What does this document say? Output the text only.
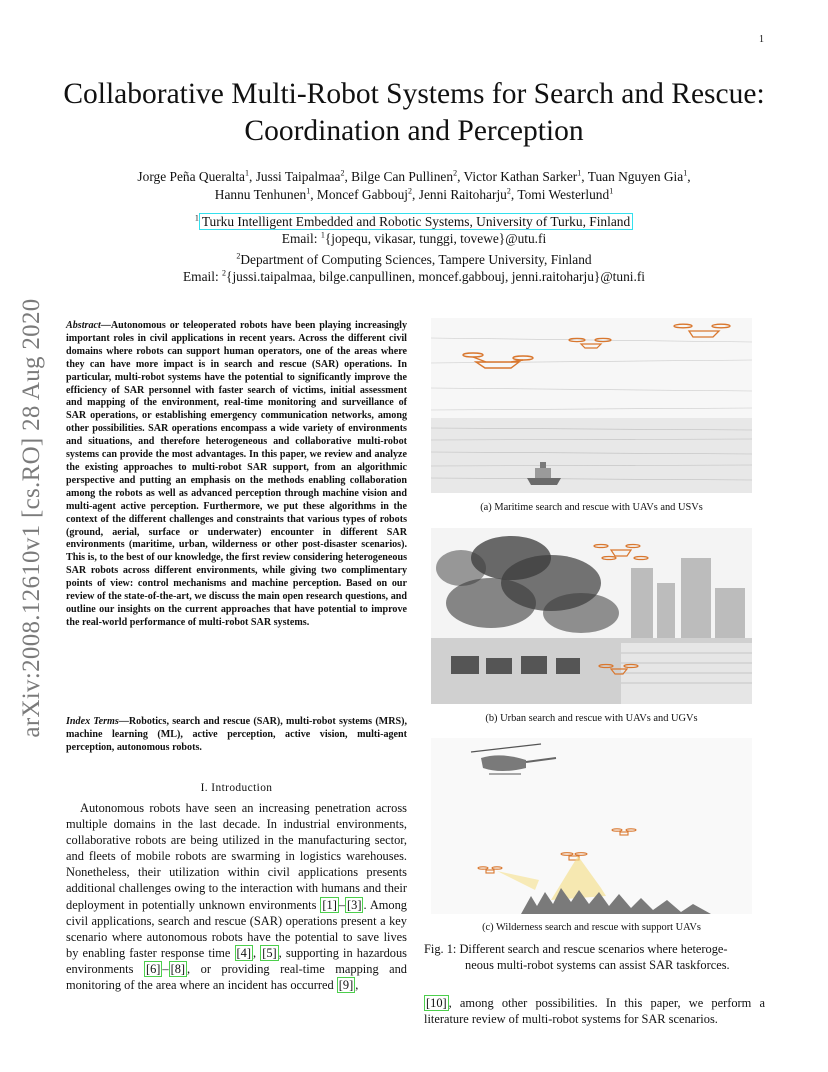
1
arXiv:2008.12610v1 [cs.RO] 28 Aug 2020
Collaborative Multi-Robot Systems for Search and Rescue: Coordination and Perception
Jorge Peña Queralta$^1$, Jussi Taipalmaa$^2$, Bilge Can Pullinen$^2$, Victor Kathan Sarker$^1$, Tuan Nguyen Gia$^1$,
Hannu Tenhunen$^1$, Moncef Gabbouj$^2$, Jenni Raitoharju$^2$, Tomi Westerlund$^1$
$^1$ Turku Intelligent Embedded and Robotic Systems, University of Turku, Finland
Email: $^1${jopequ, vikasar, tunggi, tovewe}@utu.fi
$^2$Department of Computing Sciences, Tampere University, Finland
Email: $^2${jussi.taipalmaa, bilge.canpullinen, moncef.gabbouj, jenni.raitoharju}@tuni.fi
Abstract—Autonomous or teleoperated robots have been playing increasingly important roles in civil applications in recent years. Across the different civil domains where robots can support human operators, one of the areas where they can have more impact is in search and rescue (SAR) operations. In particular, multi-robot systems have the potential to significantly improve the efficiency of SAR personnel with faster search of victims, initial assessment and mapping of the environment, real-time monitoring and surveillance of SAR operations, or establishing emergency communication networks, among other possibilities. SAR operations encompass a wide variety of environments and situations, and therefore heterogeneous and collaborative multi-robot systems can provide the most advantages. In this paper, we review and analyze the existing approaches to multi-robot SAR support, from an algorithmic perspective and putting an emphasis on the methods enabling collaboration among the robots as well as advanced perception through machine vision and multi-agent active perception. Furthermore, we put these algorithms in the context of the different challenges and constraints that various types of robots (ground, aerial, surface or underwater) encounter in different SAR environments (maritime, urban, wilderness or other post-disaster scenarios). This is, to the best of our knowledge, the first review considering heterogeneous SAR robots across different environments, while giving two complimentary points of view: control mechanisms and machine perception. Based on our review of the state-of-the-art, we discuss the main open research questions, and outline our insights on the current approaches that have potential to improve the real-world performance of multi-robot SAR systems.
Index Terms—Robotics, search and rescue (SAR), multi-robot systems (MRS), machine learning (ML), active perception, active vision, multi-agent perception, autonomous robots.
I. Introduction
Autonomous robots have seen an increasing penetration across multiple domains in the last decade. In industrial environments, collaborative robots are being utilized in the manufacturing sector, and fleets of mobile robots are swarming in logistics warehouses. Nonetheless, their utilization within civil applications presents additional challenges owing to the interaction with humans and their deployment in potentially unknown environments [1] – [3] . Among civil applications, search and rescue (SAR) operations present a key scenario where autonomous robots have the potential to save lives by enabling faster response time [4] , [5] , supporting in hazardous environments [6] – [8] , or providing real-time mapping and monitoring of the area where an incident has occurred [9] ,
[10] , among other possibilities. In this paper, we perform a literature review of multi-robot systems for SAR scenarios.
(a) Maritime search and rescue with UAVs and USVs
(b) Urban search and rescue with UAVs and UGVs
(c) Wilderness search and rescue with support UAVs
Fig. 1: Different search and rescue scenarios where heteroge-
neous multi-robot systems can assist SAR taskforces.
